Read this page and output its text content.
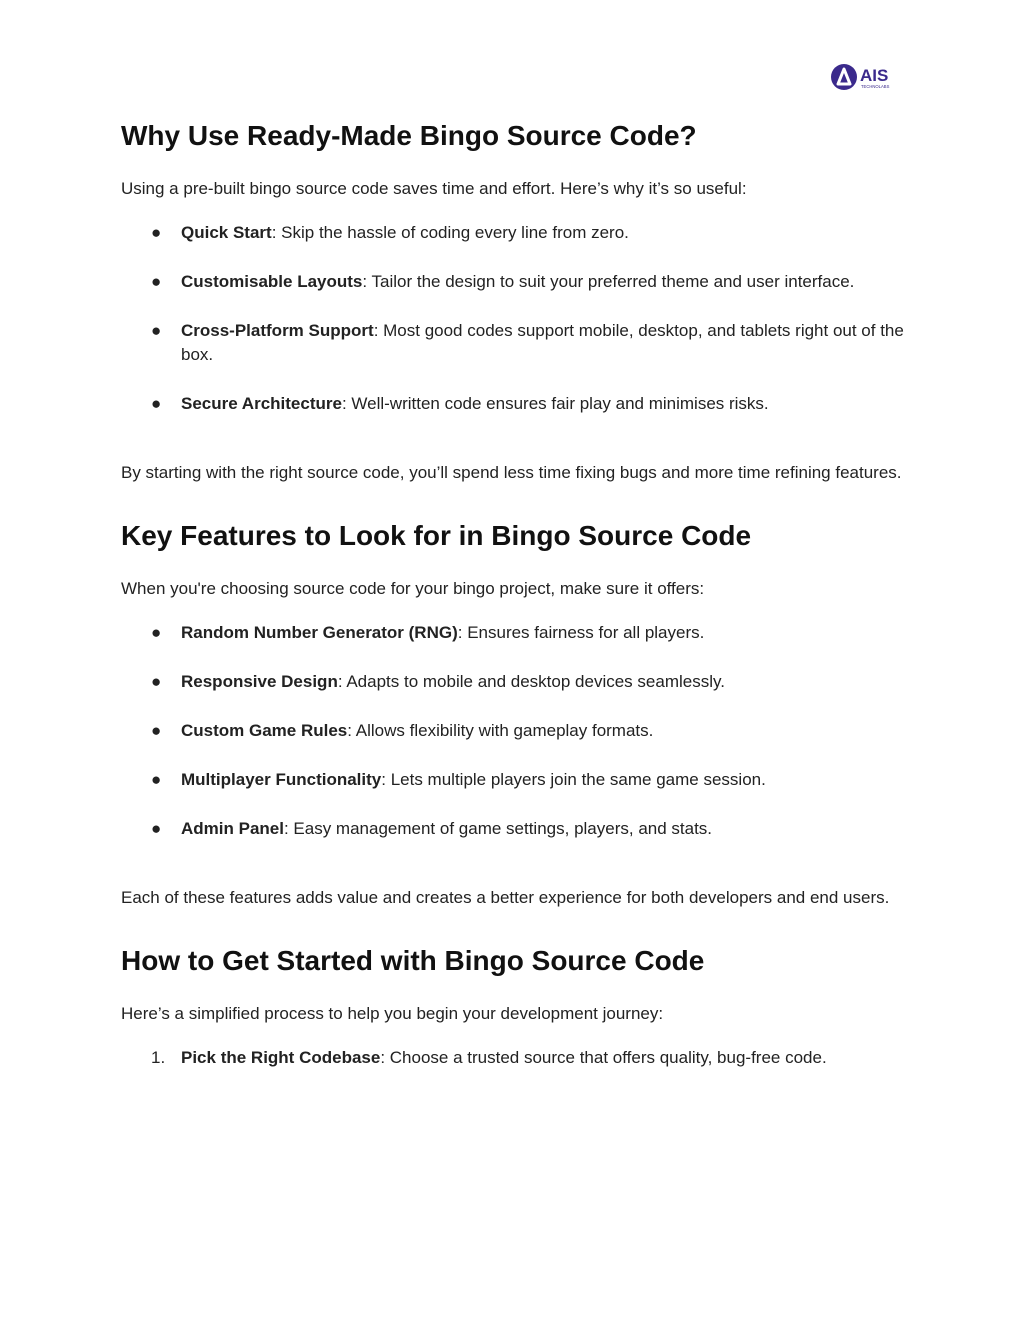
AIS
TECHNOLABS
Why Use Ready-Made Bingo Source Code?

Using a pre-built bingo source code saves time and effort. Here’s why it’s so useful:

● Quick Start: Skip the hassle of coding every line from zero.
● Customisable Layouts: Tailor the design to suit your preferred theme and user interface.
● Cross-Platform Support: Most good codes support mobile, desktop, and tablets right out of the box.
● Secure Architecture: Well-written code ensures fair play and minimises risks.

By starting with the right source code, you’ll spend less time fixing bugs and more time refining features.

Key Features to Look for in Bingo Source Code

When you're choosing source code for your bingo project, make sure it offers:

● Random Number Generator (RNG): Ensures fairness for all players.
● Responsive Design: Adapts to mobile and desktop devices seamlessly.
● Custom Game Rules: Allows flexibility with gameplay formats.
● Multiplayer Functionality: Lets multiple players join the same game session.
● Admin Panel: Easy management of game settings, players, and stats.

Each of these features adds value and creates a better experience for both developers and end users.

How to Get Started with Bingo Source Code

Here’s a simplified process to help you begin your development journey:

1. Pick the Right Codebase: Choose a trusted source that offers quality, bug-free code.
